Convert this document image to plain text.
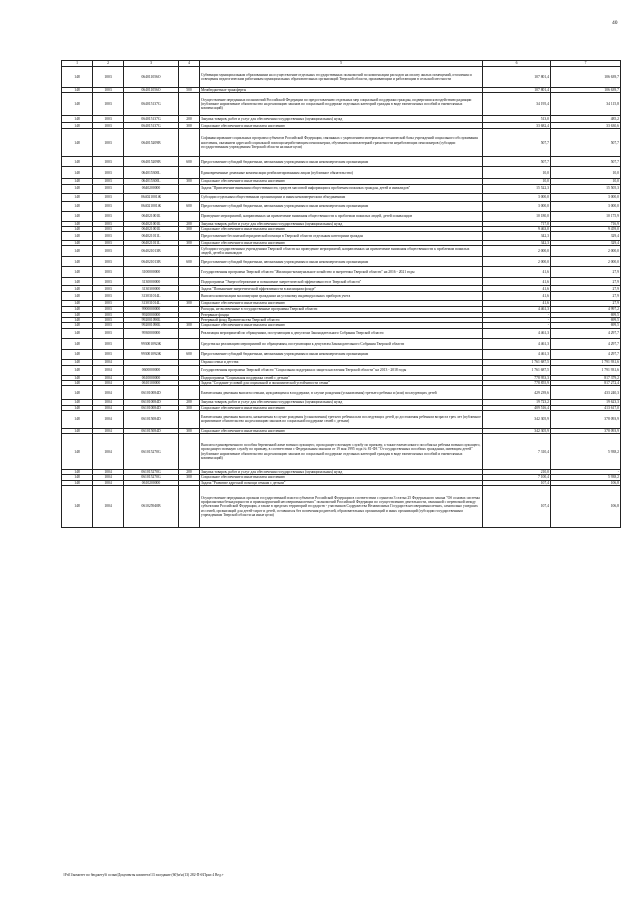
40
1	2	3	4	5	6	7
148	1003	064011056О		Субвенции муниципальным образованиям на осуществление отдельных государственных полномочий по компенсации расходов на оплату жилых помещений, отопления и освещения педагогическим работникам муниципальных образовательных организаций Тверской области, проживающим и работающим в сельской местности	107 801,4	106 639,7
148	1003	064011056О	500	Межбюджетные трансферты	107 801,4	106 639,7
148	1003	064015137G		Осуществление переданных полномочий Российской Федерации по предоставлению отдельных мер социальной поддержки граждан, подвергшихся воздействию радиации (публичное нормативное обязательство на реализацию законов по социальной поддержке отдельных категорий граждан в виде ежемесячных пособий и ежемесячных компенсаций)	34 195,4	34 115,8
148	1003	064015137G	200	Закупка товаров, работ и услуг для обеспечения государственных (муниципальных) нужд	513,0	485,2
148	1003	064015137G	300	Социальное обеспечение и иные выплаты населению	33 682,4	33 630,6
148	1003	064015209В		Софинансирование социальных программ субъектов Российской Федерации, связанных с укреплением материально-технической базы учреждений социального обслуживания населения, оказанием адресной социальной помощи неработающим пенсионерам, обучением компьютерной грамотности неработающих пенсионеров (субсидии государственным учреждениям Тверской области на иные цели)	507,7	507,7
148	1003	064015209В	600	Предоставление субсидий бюджетным, автономным учреждениям и иным некоммерческим организациям	507,7	507,7
148	1003	064015300L		Единовременные денежные компенсации реабилитированным лицам (публичное обязательство)	10,0	10,0
148	1003	064015300L	300	Социальное обеспечение и иные выплаты населению	10,0	10,0
148	1003	0640200000		Задача "Привлечение внимания общественности, средств массовой информации к проблемам пожилых граждан, детей и инвалидов"	15 522,3	15 505,3
148	1003	064021001Ж		Субсидии отдельным общественным организациям и иным некоммерческим объединениям	3 000,0	3 000,0
148	1003	064021001Ж	600	Предоставление субсидий бюджетным, автономным учреждениям и иным некоммерческим организациям	3 000,0	3 000,0
148	1003	064021001Б		Проведение мероприятий, направленных на привлечение внимания общественности к проблемам пожилых людей, детей и инвалидов	10 180,0	10 175,9
148	1003	064021001Б	200	Закупка товаров, работ и услуг для обеспечения государственных (муниципальных) нужд	717,0	716,9
148	1003	064021001Б	300	Социальное обеспечение и иные выплаты населению	9 463,0	9 459,0
148	1003	064021011L		Предоставление бесплатной юридической помощи в Тверской области отдельным категориям граждан	342,3	329,4
148	1003	064021011L	300	Социальное обеспечение и иные выплаты населению	342,3	329,4
148	1003	064021013В		Субсидии государственным учреждениям Тверской области на проведение мероприятий, направленных на привлечение внимания общественности к проблемам пожилых людей, детей и инвалидов	2 000,0	2 000,0
148	1003	064021013В	600	Предоставление субсидий бюджетным, автономным учреждениям и иным некоммерческим организациям	2 000,0	2 000,0
148	1003	3100000000		Государственная программа Тверской области "Жилищно-коммунальное хозяйство и энергетика Тверской области" на 2016 - 2021 годы	41,6	27,9
148	1003	3130000000		Подпрограмма "Энергосбережение и повышение энергетической эффективности в Тверской области"	41,6	27,9
148	1003	3130300000		Задача "Повышение энергетической эффективности в жилищном фонде"	41,6	27,9
148	1003	313031014L		Выплата компенсации малоимущим гражданам на установку индивидуальных приборов учета	41,6	27,9
148	1003	313031014L	300	Социальное обеспечение и иные выплаты населению	41,6	27,9
148	1003	9900000000		Расходы, не включенные в государственные программы Тверской области	4 461,3	4 997,2
148	1003	9920000000		Резервные фонды	-	699,5
148	1003	992001090Б		Резервный фонд Правительства Тверской области	-	699,5
148	1003	992001090Б	300	Социальное обеспечение и иные выплаты населению	-	699,5
148	1003	9930000000		Реализация мероприятий по обращениям, поступающим к депутатам Законодательного Собрания Тверской области	4 461,3	4 297,7
148	1003	993001092Ж		Средства на реализацию мероприятий по обращениям, поступающим к депутатам Законодательного Собрания Тверской области	4 461,3	4 297,7
148	1003	993001092Ж	600	Предоставление субсидий бюджетным, автономным учреждениям и иным некоммерческим организациям	4 461,3	4 297,7
148	1004			Охрана семьи и детства	1 761 687,5	1 791 931,6
148	1004	0600000000		Государственная программа Тверской области "Социальная поддержка и защита населения Тверской области" на 2013 - 2018 годы	1 761 687,5	1 791 931,6
148	1004	0610000000		Подпрограмма "Социальная поддержка семей с детьми"	778 953,3	817 379,2
148	1004	0610100000		Задача "Создание условий для социальной и экономической устойчивости семьи"	778 855,9	817 272,4
148	1004	061010084D		Ежемесячная денежная выплата семьям, нуждающимся в поддержке, в случае рождения (усыновления) третьего ребенка и (или) последующих детей	429 239,6	433 240,3
148	1004	061010084D	200	Закупка товаров, работ и услуг для обеспечения государственных (муниципальных) нужд	19 723,2	19 623,3
148	1004	061010084D	300	Социальное обеспечение и иные выплаты населению	409 516,4	413 617,0
148	1004	061015084D		Ежемесячная денежная выплата, назначаемая в случае рождения (усыновления) третьего ребенка или последующих детей до достижения ребенком возраста трех лет (публичное нормативное обязательство на реализацию законов по социальной поддержке семей с детьми)	342 305,9	378 093,9
148	1004	061015084D	300	Социальное обеспечение и иные выплаты населению	342 305,9	378 093,9
148	1004	061015270G		Выплата единовременного пособия беременной жене военнослужащего, проходящего военную службу по призыву, а также ежемесячного пособия на ребенка военнослужащего, проходящего военную службу по призыву, в соответствии с Федеральным законом от 19 мая 1995 года № 81-ФЗ "О государственных пособиях гражданам, имеющим детей" (публичное нормативное обязательство на реализацию законов по социальной поддержке отдельных категорий граждан в виде ежемесячных пособий и ежемесячных компенсаций)	7 310,4	5 938,2
148	1004	061015270G	200	Закупка товаров, работ и услуг для обеспечения государственных (муниципальных) нужд	210,0	-
148	1004	061015270G	300	Социальное обеспечение и иные выплаты населению	7 100,4	5 938,2
148	1004	0610200000		Задача "Развитие адресной помощи семьям с детьми"	107,4	106,8
148	1004	061025940В		Осуществление переданных органам государственной власти субъектов Российской Федерации в соответствии с пунктом 3 статьи 25 Федерального закона "Об основах системы профилактики безнадзорности и правонарушений несовершеннолетних" полномочий Российской Федерации по осуществлению деятельности, связанной с перевозкой между субъектами Российской Федерации, а также в пределах территорий государств - участников Содружества Независимых Государств несовершеннолетних, самовольно ушедших из семей, организаций для детей-сирот и детей, оставшихся без попечения родителей, образовательных организаций и иных организаций (субсидии государственным учреждениям Тверской области на иные цели)	107,4	106,8
\\Fs01\комитет по бюджету\6 созыв\Документы комитета\13 заседание (60)\n\п(13) 282-П-6\Прил 4 Вед.+
